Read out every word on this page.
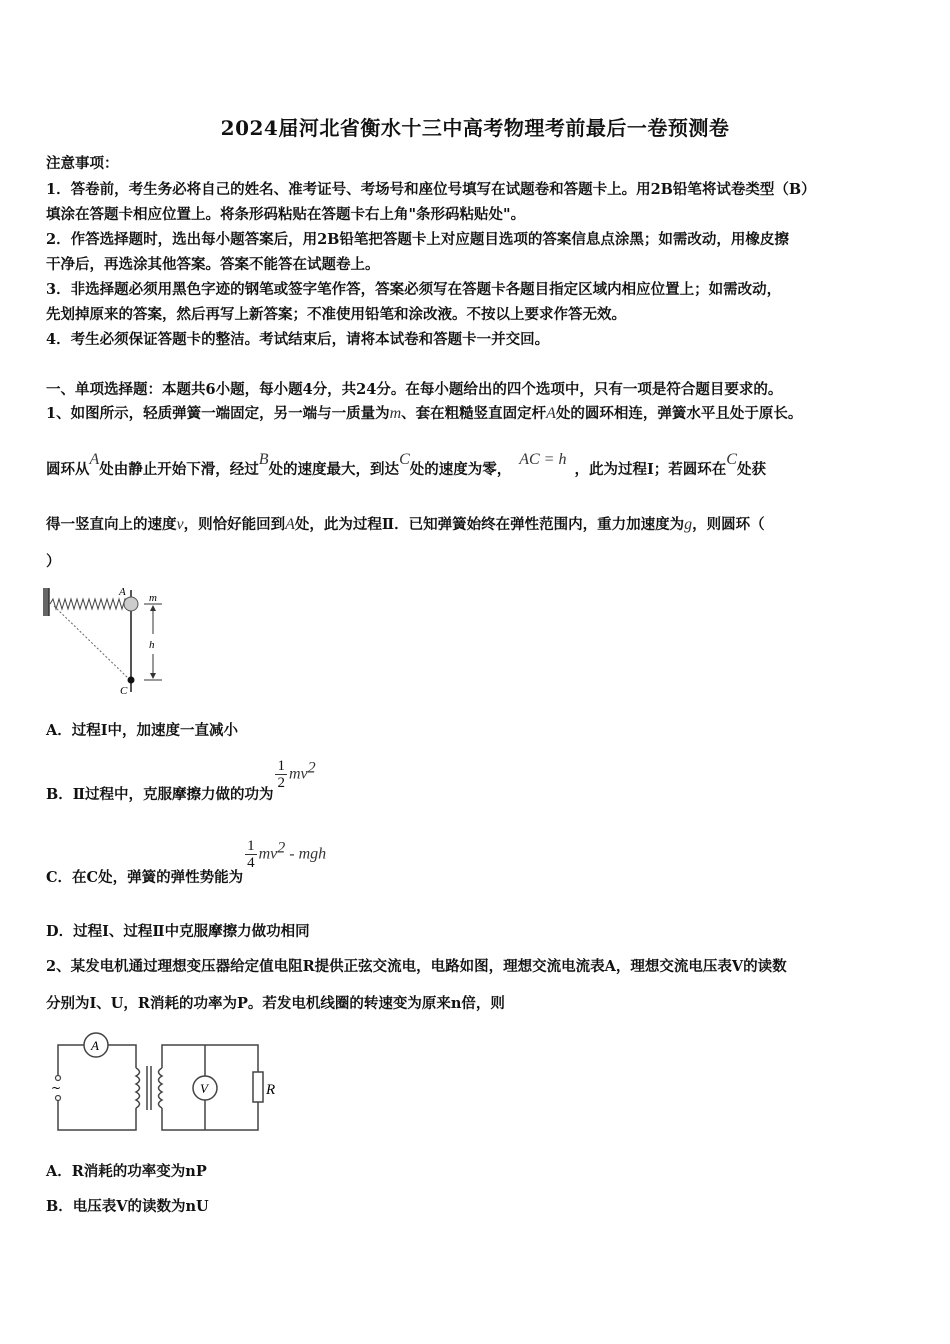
2024届河北省衡水十三中高考物理考前最后一卷预测卷
注意事项：
1．答卷前，考生务必将自己的姓名、准考证号、考场号和座位号填写在试题卷和答题卡上。用2B铅笔将试卷类型（B）
填涂在答题卡相应位置上。将条形码粘贴在答题卡右上角"条形码粘贴处"。
2．作答选择题时，选出每小题答案后，用2B铅笔把答题卡上对应题目选项的答案信息点涂黑；如需改动，用橡皮擦
干净后，再选涂其他答案。答案不能答在试题卷上。
3．非选择题必须用黑色字迹的钢笔或签字笔作答，答案必须写在答题卡各题目指定区域内相应位置上；如需改动，
先划掉原来的答案，然后再写上新答案；不准使用铅笔和涂改液。不按以上要求作答无效。
4．考生必须保证答题卡的整洁。考试结束后，请将本试卷和答题卡一并交回。
一、单项选择题：本题共6小题，每小题4分，共24分。在每小题给出的四个选项中，只有一项是符合题目要求的。
1、如图所示，轻质弹簧一端固定，另一端与一质量为m、套在粗糙竖直固定杆A处的圆环相连，弹簧水平且处于原长。
圆环从A处由静止开始下滑，经过B处的速度最大，到达C处的速度为零，AC = h，此为过程Ⅰ；若圆环在C处获
得一竖直向上的速度v，则恰好能回到A处，此为过程Ⅱ．已知弹簧始终在弹性范围内，重力加速度为g，则圆环（
）
A
C
m
h
A．过程Ⅰ中，加速度一直减小
B．Ⅱ过程中，克服摩擦力做的功为
$\frac{1}{2} mv^2$
C．在C处，弹簧的弹性势能为
$\frac{1}{4} mv^2$ - mgh
D．过程Ⅰ、过程Ⅱ中克服摩擦力做功相同
2、某发电机通过理想变压器给定值电阻R提供正弦交流电，电路如图，理想交流电流表A，理想交流电压表V的读数
分别为I、U，R消耗的功率为P。若发电机线圈的转速变为原来n倍，则
A
~	V	R
A．R消耗的功率变为nP
B．电压表V的读数为nU
